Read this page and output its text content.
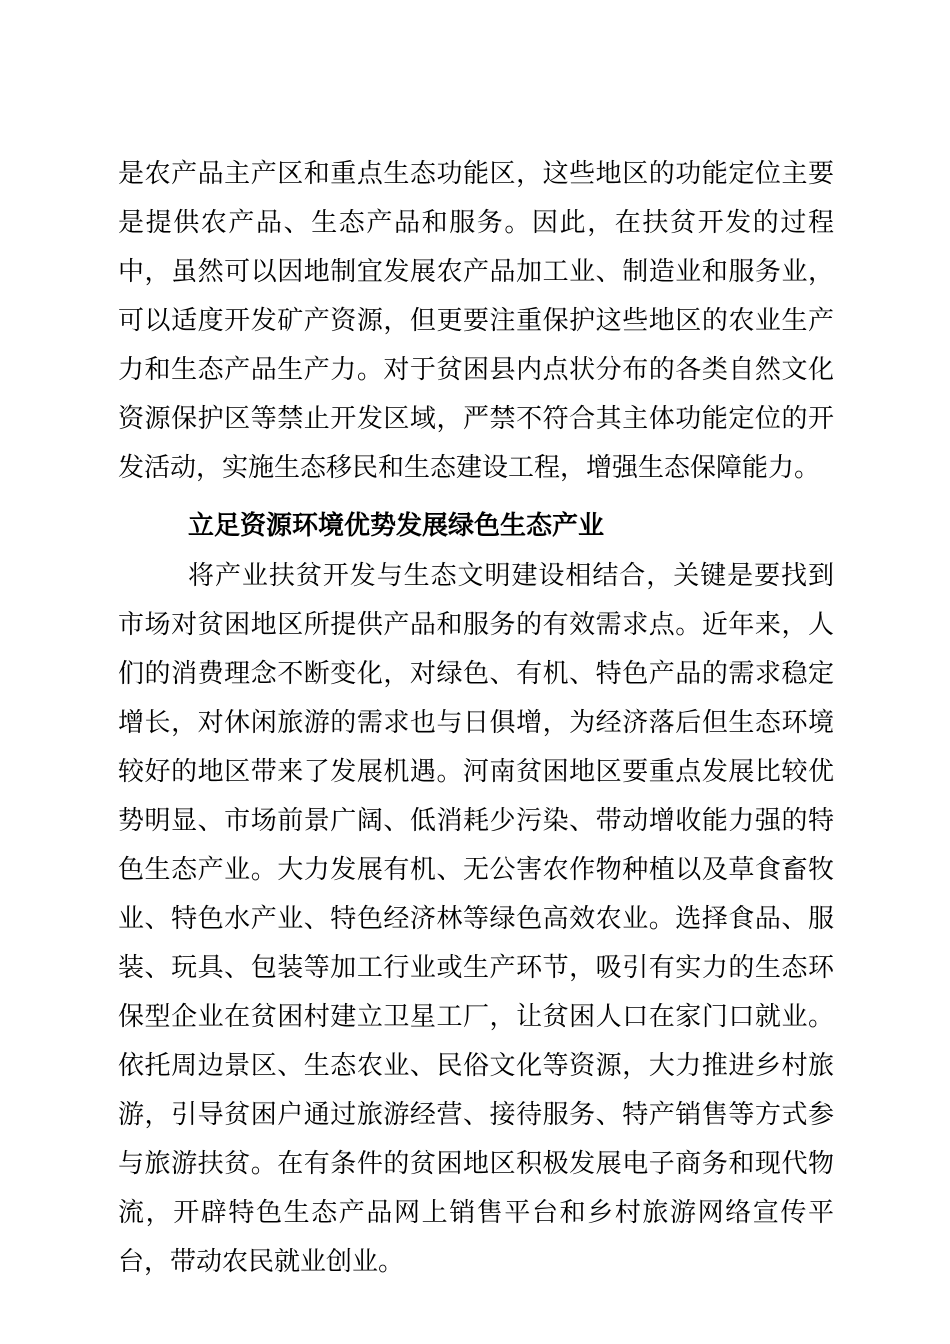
是农产品主产区和重点生态功能区，这些地区的功能定位主要是提供农产品、生态产品和服务。因此，在扶贫开发的过程中，虽然可以因地制宜发展农产品加工业、制造业和服务业，可以适度开发矿产资源，但更要注重保护这些地区的农业生产力和生态产品生产力。对于贫困县内点状分布的各类自然文化资源保护区等禁止开发区域，严禁不符合其主体功能定位的开发活动，实施生态移民和生态建设工程，增强生态保障能力。

立足资源环境优势发展绿色生态产业

将产业扶贫开发与生态文明建设相结合，关键是要找到市场对贫困地区所提供产品和服务的有效需求点。近年来，人们的消费理念不断变化，对绿色、有机、特色产品的需求稳定增长，对休闲旅游的需求也与日俱增，为经济落后但生态环境较好的地区带来了发展机遇。河南贫困地区要重点发展比较优势明显、市场前景广阔、低消耗少污染、带动增收能力强的特色生态产业。大力发展有机、无公害农作物种植以及草食畜牧业、特色水产业、特色经济林等绿色高效农业。选择食品、服装、玩具、包装等加工行业或生产环节，吸引有实力的生态环保型企业在贫困村建立卫星工厂，让贫困人口在家门口就业。依托周边景区、生态农业、民俗文化等资源，大力推进乡村旅游，引导贫困户通过旅游经营、接待服务、特产销售等方式参与旅游扶贫。在有条件的贫困地区积极发展电子商务和现代物流，开辟特色生态产品网上销售平台和乡村旅游网络宣传平台，带动农民就业创业。
